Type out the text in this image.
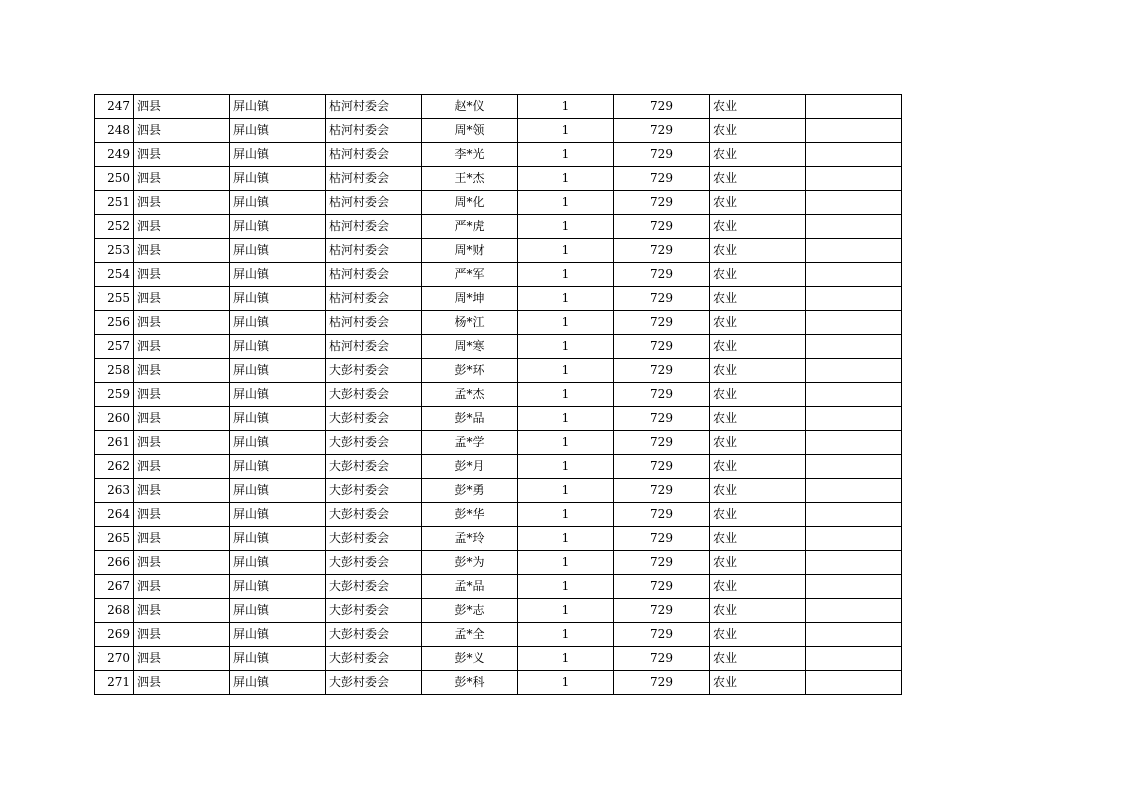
247	泗县	屏山镇	枯河村委会	赵*仪	1	729	农业	
248	泗县	屏山镇	枯河村委会	周*领	1	729	农业	
249	泗县	屏山镇	枯河村委会	李*光	1	729	农业	
250	泗县	屏山镇	枯河村委会	王*杰	1	729	农业	
251	泗县	屏山镇	枯河村委会	周*化	1	729	农业	
252	泗县	屏山镇	枯河村委会	严*虎	1	729	农业	
253	泗县	屏山镇	枯河村委会	周*财	1	729	农业	
254	泗县	屏山镇	枯河村委会	严*军	1	729	农业	
255	泗县	屏山镇	枯河村委会	周*坤	1	729	农业	
256	泗县	屏山镇	枯河村委会	杨*江	1	729	农业	
257	泗县	屏山镇	枯河村委会	周*寒	1	729	农业	
258	泗县	屏山镇	大彭村委会	彭*环	1	729	农业	
259	泗县	屏山镇	大彭村委会	孟*杰	1	729	农业	
260	泗县	屏山镇	大彭村委会	彭*品	1	729	农业	
261	泗县	屏山镇	大彭村委会	孟*学	1	729	农业	
262	泗县	屏山镇	大彭村委会	彭*月	1	729	农业	
263	泗县	屏山镇	大彭村委会	彭*勇	1	729	农业	
264	泗县	屏山镇	大彭村委会	彭*华	1	729	农业	
265	泗县	屏山镇	大彭村委会	孟*玲	1	729	农业	
266	泗县	屏山镇	大彭村委会	彭*为	1	729	农业	
267	泗县	屏山镇	大彭村委会	孟*品	1	729	农业	
268	泗县	屏山镇	大彭村委会	彭*志	1	729	农业	
269	泗县	屏山镇	大彭村委会	孟*全	1	729	农业	
270	泗县	屏山镇	大彭村委会	彭*义	1	729	农业	
271	泗县	屏山镇	大彭村委会	彭*科	1	729	农业	
